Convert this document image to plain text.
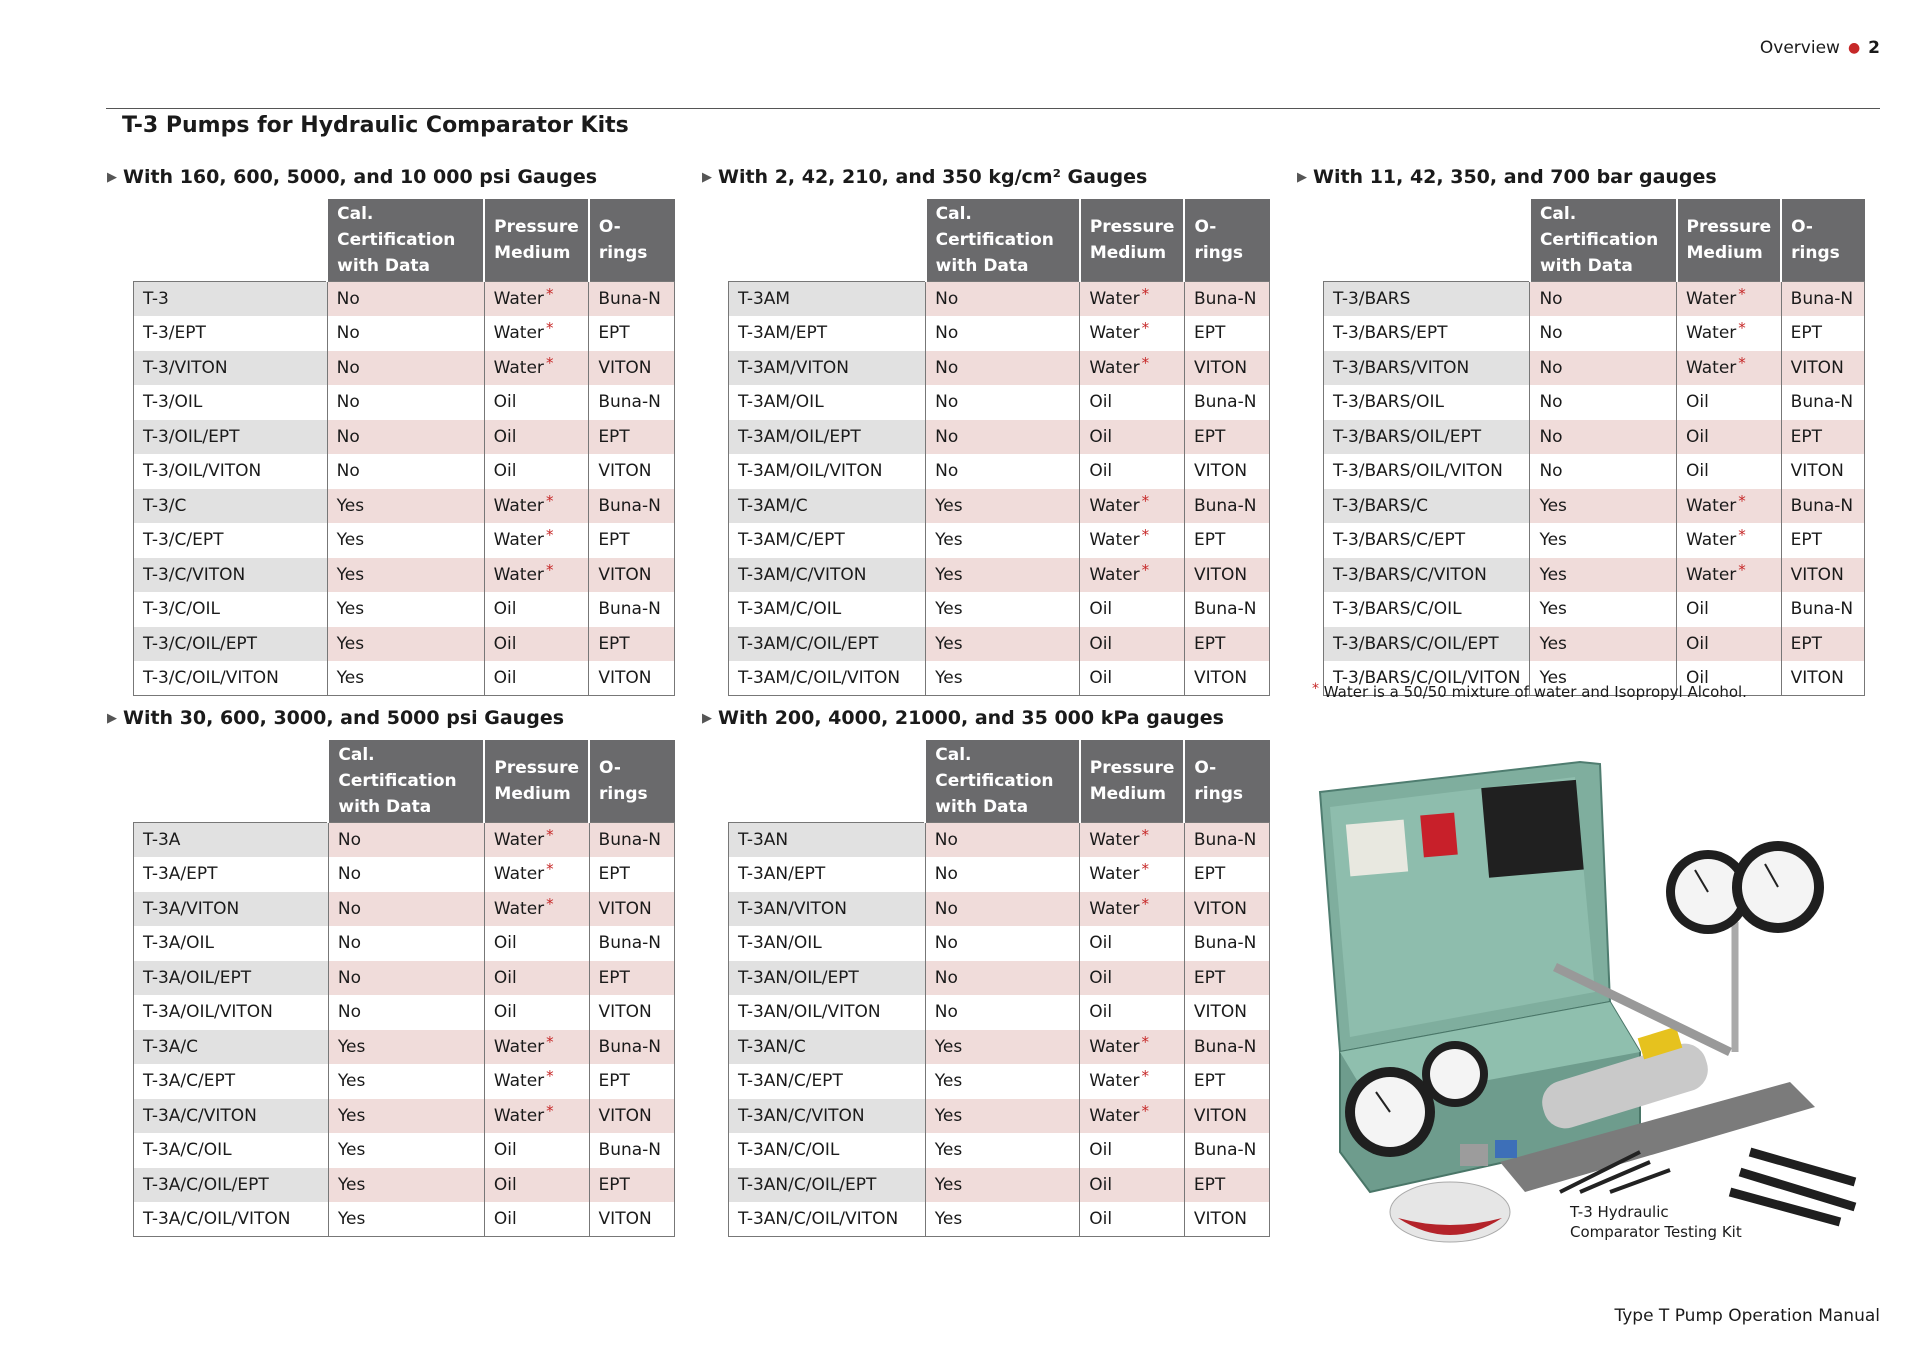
Overview ● 2
T-3 Pumps for Hydraulic Comparator Kits
▶ With 160, 600, 5000, and 10 000 psi Gauges
	Cal. Certification with Data	Pressure Medium	O-rings
T-3	No	Water *	Buna-N
T-3/EPT	No	Water *	EPT
T-3/VITON	No	Water *	VITON
T-3/OIL	No	Oil	Buna-N
T-3/OIL/EPT	No	Oil	EPT
T-3/OIL/VITON	No	Oil	VITON
T-3/C	Yes	Water *	Buna-N
T-3/C/EPT	Yes	Water *	EPT
T-3/C/VITON	Yes	Water *	VITON
T-3/C/OIL	Yes	Oil	Buna-N
T-3/C/OIL/EPT	Yes	Oil	EPT
T-3/C/OIL/VITON	Yes	Oil	VITON
▶ With 2, 42, 210, and 350 kg/cm² Gauges
	Cal. Certification with Data	Pressure Medium	O-rings
T-3AM	No	Water *	Buna-N
T-3AM/EPT	No	Water *	EPT
T-3AM/VITON	No	Water *	VITON
T-3AM/OIL	No	Oil	Buna-N
T-3AM/OIL/EPT	No	Oil	EPT
T-3AM/OIL/VITON	No	Oil	VITON
T-3AM/C	Yes	Water *	Buna-N
T-3AM/C/EPT	Yes	Water *	EPT
T-3AM/C/VITON	Yes	Water *	VITON
T-3AM/C/OIL	Yes	Oil	Buna-N
T-3AM/C/OIL/EPT	Yes	Oil	EPT
T-3AM/C/OIL/VITON	Yes	Oil	VITON
▶ With 11, 42, 350, and 700 bar gauges
	Cal. Certification with Data	Pressure Medium	O-rings
T-3/BARS	No	Water *	Buna-N
T-3/BARS/EPT	No	Water *	EPT
T-3/BARS/VITON	No	Water *	VITON
T-3/BARS/OIL	No	Oil	Buna-N
T-3/BARS/OIL/EPT	No	Oil	EPT
T-3/BARS/OIL/VITON	No	Oil	VITON
T-3/BARS/C	Yes	Water *	Buna-N
T-3/BARS/C/EPT	Yes	Water *	EPT
T-3/BARS/C/VITON	Yes	Water *	VITON
T-3/BARS/C/OIL	Yes	Oil	Buna-N
T-3/BARS/C/OIL/EPT	Yes	Oil	EPT
T-3/BARS/C/OIL/VITON	Yes	Oil	VITON
▶ With 30, 600, 3000, and 5000 psi Gauges
	Cal. Certification with Data	Pressure Medium	O-rings
T-3A	No	Water *	Buna-N
T-3A/EPT	No	Water *	EPT
T-3A/VITON	No	Water *	VITON
T-3A/OIL	No	Oil	Buna-N
T-3A/OIL/EPT	No	Oil	EPT
T-3A/OIL/VITON	No	Oil	VITON
T-3A/C	Yes	Water *	Buna-N
T-3A/C/EPT	Yes	Water *	EPT
T-3A/C/VITON	Yes	Water *	VITON
T-3A/C/OIL	Yes	Oil	Buna-N
T-3A/C/OIL/EPT	Yes	Oil	EPT
T-3A/C/OIL/VITON	Yes	Oil	VITON
▶ With 200, 4000, 21000, and 35 000 kPa gauges
	Cal. Certification with Data	Pressure Medium	O-rings
T-3AN	No	Water *	Buna-N
T-3AN/EPT	No	Water *	EPT
T-3AN/VITON	No	Water *	VITON
T-3AN/OIL	No	Oil	Buna-N
T-3AN/OIL/EPT	No	Oil	EPT
T-3AN/OIL/VITON	No	Oil	VITON
T-3AN/C	Yes	Water *	Buna-N
T-3AN/C/EPT	Yes	Water *	EPT
T-3AN/C/VITON	Yes	Water *	VITON
T-3AN/C/OIL	Yes	Oil	Buna-N
T-3AN/C/OIL/EPT	Yes	Oil	EPT
T-3AN/C/OIL/VITON	Yes	Oil	VITON
* Water is a 50/50 mixture of water and Isopropyl Alcohol.
T-3 Hydraulic
Comparator Testing Kit
Type T Pump Operation Manual
